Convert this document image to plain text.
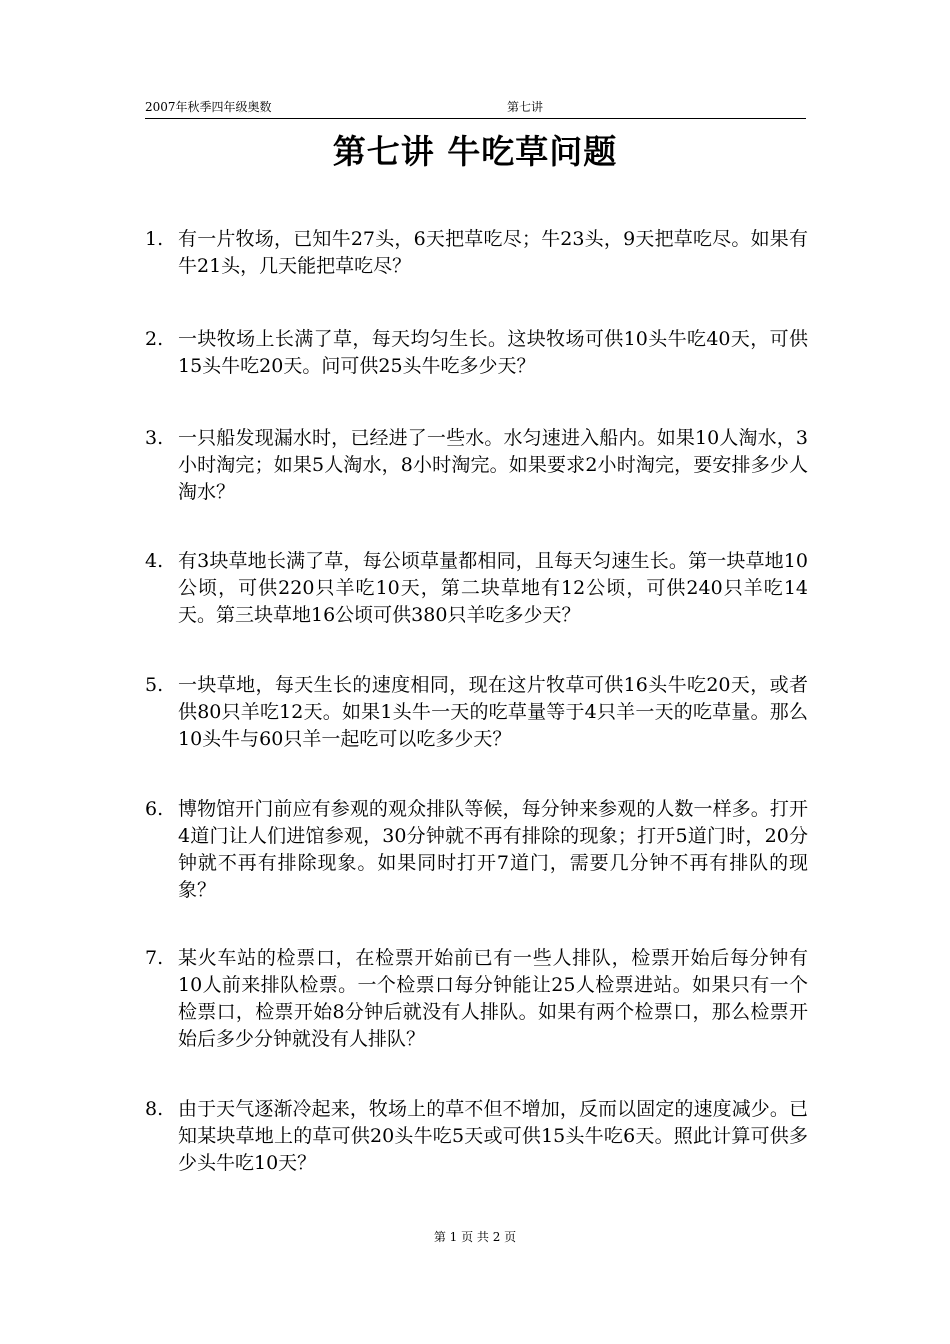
2007年秋季四年级奥数	第七讲
第七讲 牛吃草问题
1. 有一片牧场，已知牛27头，6天把草吃尽；牛23头，9天把草吃尽。如果有牛21头，几天能把草吃尽？
2. 一块牧场上长满了草，每天均匀生长。这块牧场可供10头牛吃40天，可供15头牛吃20天。问可供25头牛吃多少天？
3. 一只船发现漏水时，已经进了一些水。水匀速进入船内。如果10人淘水，3小时淘完；如果5人淘水，8小时淘完。如果要求2小时淘完，要安排多少人淘水？
4. 有3块草地长满了草，每公顷草量都相同，且每天匀速生长。第一块草地10公顷，可供220只羊吃10天，第二块草地有12公顷，可供240只羊吃14天。第三块草地16公顷可供380只羊吃多少天？
5. 一块草地，每天生长的速度相同，现在这片牧草可供16头牛吃20天，或者供80只羊吃12天。如果1头牛一天的吃草量等于4只羊一天的吃草量。那么10头牛与60只羊一起吃可以吃多少天？
6. 博物馆开门前应有参观的观众排队等候，每分钟来参观的人数一样多。打开4道门让人们进馆参观，30分钟就不再有排除的现象；打开5道门时，20分钟就不再有排除现象。如果同时打开7道门，需要几分钟不再有排队的现象？
7. 某火车站的检票口，在检票开始前已有一些人排队，检票开始后每分钟有10人前来排队检票。一个检票口每分钟能让25人检票进站。如果只有一个检票口，检票开始8分钟后就没有人排队。如果有两个检票口，那么检票开始后多少分钟就没有人排队？
8. 由于天气逐渐冷起来，牧场上的草不但不增加，反而以固定的速度减少。已知某块草地上的草可供20头牛吃5天或可供15头牛吃6天。照此计算可供多少头牛吃10天？
第 1 页 共 2 页
